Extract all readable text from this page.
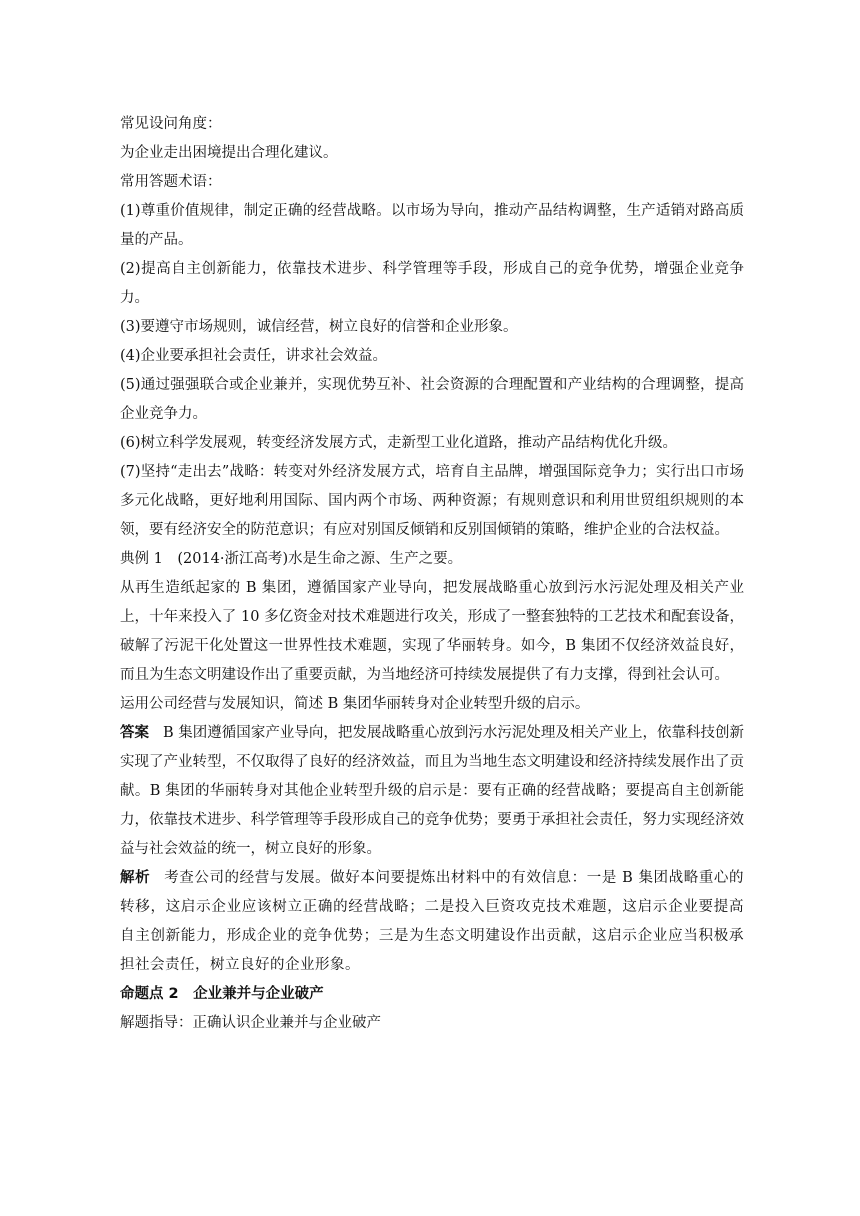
常见设问角度：

为企业走出困境提出合理化建议。

常用答题术语：

(1)尊重价值规律，制定正确的经营战略。以市场为导向，推动产品结构调整，生产适销对路高质量的产品。

(2)提高自主创新能力，依靠技术进步、科学管理等手段，形成自己的竞争优势，增强企业竞争力。

(3)要遵守市场规则，诚信经营，树立良好的信誉和企业形象。

(4)企业要承担社会责任，讲求社会效益。

(5)通过强强联合或企业兼并，实现优势互补、社会资源的合理配置和产业结构的合理调整，提高企业竞争力。

(6)树立科学发展观，转变经济发展方式，走新型工业化道路，推动产品结构优化升级。

(7)坚持“走出去”战略：转变对外经济发展方式，培育自主品牌，增强国际竞争力；实行出口市场多元化战略，更好地利用国际、国内两个市场、两种资源；有规则意识和利用世贸组织规则的本领，要有经济安全的防范意识；有应对别国反倾销和反别国倾销的策略，维护企业的合法权益。

典例 1　(2014·浙江高考)水是生命之源、生产之要。

从再生造纸起家的 B 集团，遵循国家产业导向，把发展战略重心放到污水污泥处理及相关产业上，十年来投入了 10 多亿资金对技术难题进行攻关，形成了一整套独特的工艺技术和配套设备，破解了污泥干化处置这一世界性技术难题，实现了华丽转身。如今，B 集团不仅经济效益良好，而且为生态文明建设作出了重要贡献，为当地经济可持续发展提供了有力支撑，得到社会认可。

运用公司经营与发展知识，简述 B 集团华丽转身对企业转型升级的启示。

答案 B 集团遵循国家产业导向，把发展战略重心放到污水污泥处理及相关产业上，依靠科技创新实现了产业转型，不仅取得了良好的经济效益，而且为当地生态文明建设和经济持续发展作出了贡献。B 集团的华丽转身对其他企业转型升级的启示是：要有正确的经营战略；要提高自主创新能力，依靠技术进步、科学管理等手段形成自己的竞争优势；要勇于承担社会责任，努力实现经济效益与社会效益的统一，树立良好的形象。

解析 考查公司的经营与发展。做好本问要提炼出材料中的有效信息：一是 B 集团战略重心的转移，这启示企业应该树立正确的经营战略；二是投入巨资攻克技术难题，这启示企业要提高自主创新能力，形成企业的竞争优势；三是为生态文明建设作出贡献，这启示企业应当积极承担社会责任，树立良好的企业形象。

命题点 2　企业兼并与企业破产

解题指导：正确认识企业兼并与企业破产
